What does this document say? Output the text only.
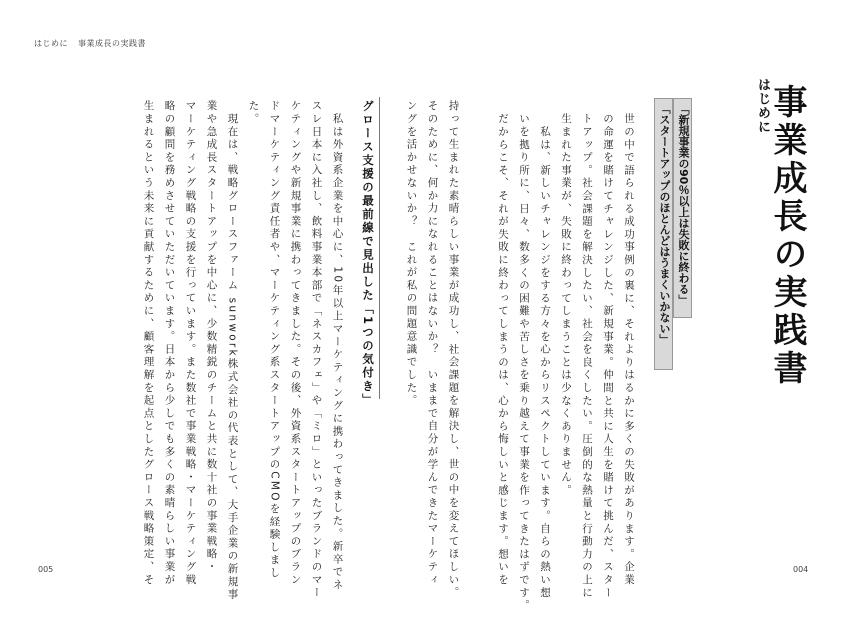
はじめに 事業成長の実践書
はじめに
事業成長の実践書
「新規事業の90％以上は失敗に終わる」
「スタートアップのほとんどはうまくいかない」
世の中で語られる成功事例の裏に、それよりはるかに多くの失敗があります。企業
の命運を賭けてチャレンジした、新規事業。仲間と共に人生を賭けて挑んだ、スター
トアップ。社会課題を解決したい、社会を良くしたい。圧倒的な熱量と行動力の上に
生まれた事業が、失敗に終わってしまうことは少なくありません。
　私は、新しいチャレンジをする方々を心からリスペクトしています。自らの熱い想
いを拠り所に、日々、数多くの困難や苦しさを乗り越えて事業を作ってきたはずです。
だからこそ、それが失敗に終わってしまうのは、心から悔しいと感じます。想いを
持って生まれた素晴らしい事業が成功し、社会課題を解決し、世の中を変えてほしい。
そのために、何か力になれることはないか？　いままで自分が学んできたマーケティ
ングを活かせないか？　これが私の問題意識でした。
グロース支援の最前線で見出した「1つの気付き」
　私は外資系企業を中心に、10年以上マーケティングに携わってきました。新卒でネ
スレ日本に入社し、飲料事業本部で「ネスカフェ」や「ミロ」といったブランドのマー
ケティングや新規事業に携わってきました。その後、外資系スタートアップのブラン
ドマーケティング責任者や、マーケティング系スタートアップのCMOを経験しまし
た。
　現在は、戦略グロースファーム sunwork株式会社の代表として、大手企業の新規事
業や急成長スタートアップを中心に、少数精鋭のチームと共に数十社の事業戦略・
マーケティング戦略の支援を行っています。また数社で事業戦略・マーケティング戦
略の顧問を務めさせていただいています。日本から少しでも多くの素晴らしい事業が
生まれるという未来に貢献するために、顧客理解を起点としたグロース戦略策定、そ
005	004
